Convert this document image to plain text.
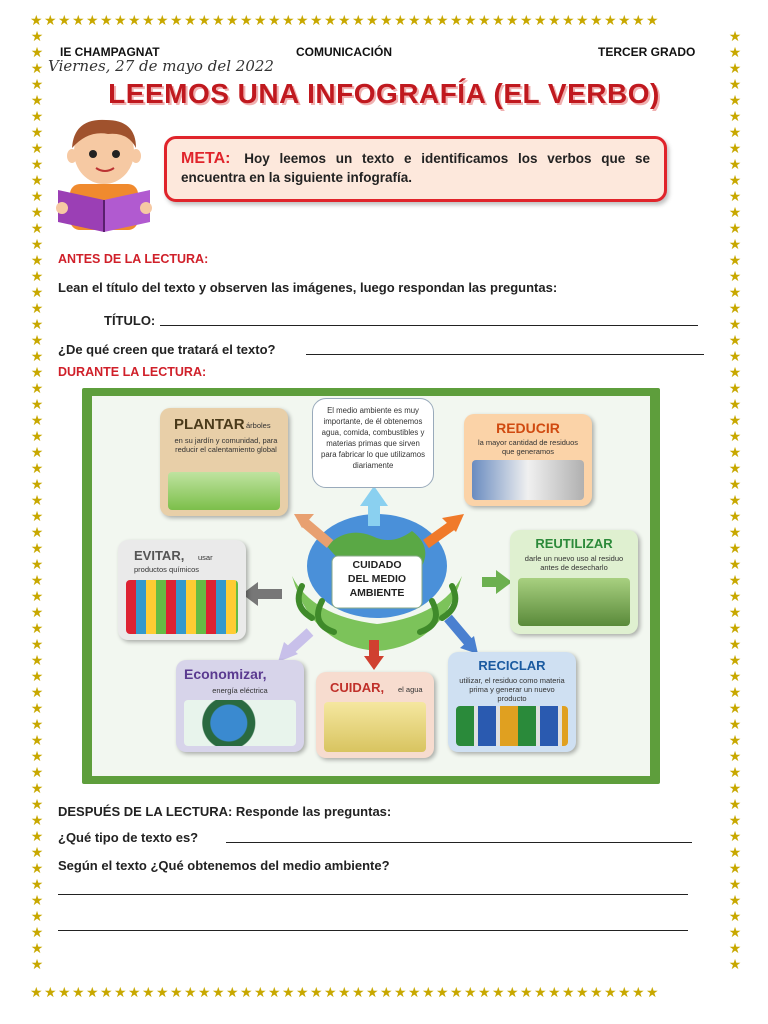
★★★★★★★★★★★★★★★★★★★★★★★★★★★★★★★★★★★★★★★★★★★★★
★★★★★★★★★★★★★★★★★★★★★★★★★★★★★★★★★★★★★★★★★★★★★
★
★
★
★
★
★
★
★
★
★
★
★
★
★
★
★
★
★
★
★
★
★
★
★
★
★
★
★
★
★
★
★
★
★
★
★
★
★
★
★
★
★
★
★
★
★
★
★
★
★
★
★
★
★
★
★
★
★
★
★
★
★
★
★
★
★
★
★
★
★
★
★
★
★
★
★
★
★
★
★
★
★
★
★
★
★
★
★
★
★
★
★
★
★
★
★
★
★
★
★
★
★
★
★
★
★
★
★
★
★
★
★
★
★
★
★
★
★
IE CHAMPAGNAT	COMUNICACIÓN	TERCER GRADO
Viernes, 27 de mayo del 2022
LEEMOS UNA INFOGRAFÍA (EL VERBO)
META: Hoy leemos un texto e identificamos los verbos que se encuentra en la siguiente infografía.
ANTES DE LA LECTURA:
Lean el título del texto y observen las imágenes, luego respondan las preguntas:
TÍTULO:
¿De qué creen que tratará el texto?
DURANTE LA LECTURA:
CUIDADO
DEL MEDIO
AMBIENTE
El medio ambiente es muy importante, de él obtenemos agua, comida, combustibles y materias primas que sirven para fabricar lo que utilizamos diariamente
PLANTAR árboles
en su jardín y comunidad, para reducir el calentamiento global
REDUCIR
la mayor cantidad de residuos que generamos
REUTILIZAR
darle un nuevo uso al residuo antes de desecharlo
EVITAR, usar
productos químicos
Economizar,
energía eléctrica	CUIDAR, el agua
RECICLAR
utilizar, el residuo como materia prima y generar un nuevo producto
DESPUÉS DE LA LECTURA: Responde las preguntas:
¿Qué tipo de texto es?
Según el texto ¿Qué obtenemos del medio ambiente?
